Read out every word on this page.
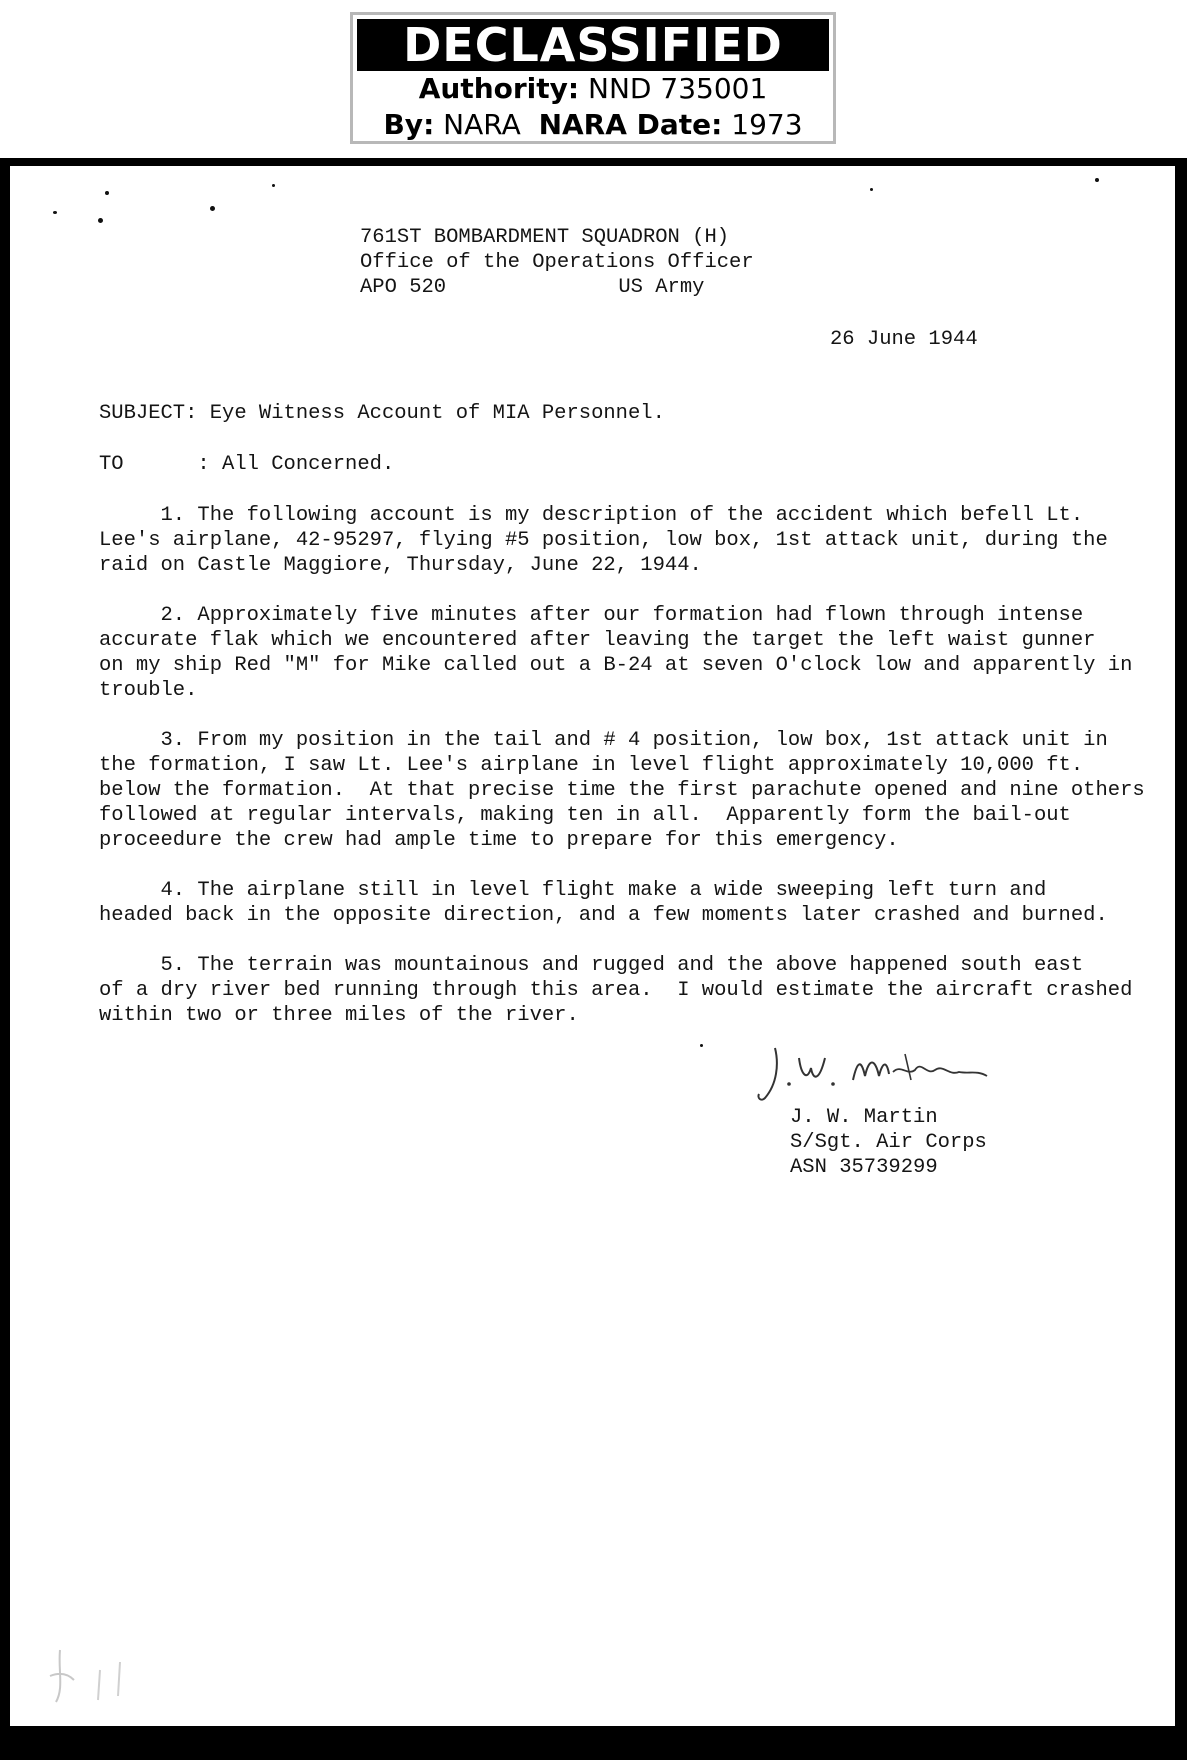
DECLASSIFIED
Authority: NND 735001
By: NARA NARA Date: 1973
761ST BOMBARDMENT SQUADRON (H)
Office of the Operations Officer
APO 520              US Army
26 June 1944
SUBJECT: Eye Witness Account of MIA Personnel.
TO      : All Concerned.
1. The following account is my description of the accident which befell Lt.
Lee's airplane, 42-95297, flying #5 position, low box, 1st attack unit, during the
raid on Castle Maggiore, Thursday, June 22, 1944.
2. Approximately five minutes after our formation had flown through intense
accurate flak which we encountered after leaving the target the left waist gunner
on my ship Red "M" for Mike called out a B-24 at seven O'clock low and apparently in
trouble.
3. From my position in the tail and # 4 position, low box, 1st attack unit in
the formation, I saw Lt. Lee's airplane in level flight approximately 10,000 ft.
below the formation.  At that precise time the first parachute opened and nine others
followed at regular intervals, making ten in all.  Apparently form the bail-out
proceedure the crew had ample time to prepare for this emergency.
4. The airplane still in level flight make a wide sweeping left turn and
headed back in the opposite direction, and a few moments later crashed and burned.
5. The terrain was mountainous and rugged and the above happened south east
of a dry river bed running through this area.  I would estimate the aircraft crashed
within two or three miles of the river.
J. W. Martin
S/Sgt. Air Corps
ASN 35739299
